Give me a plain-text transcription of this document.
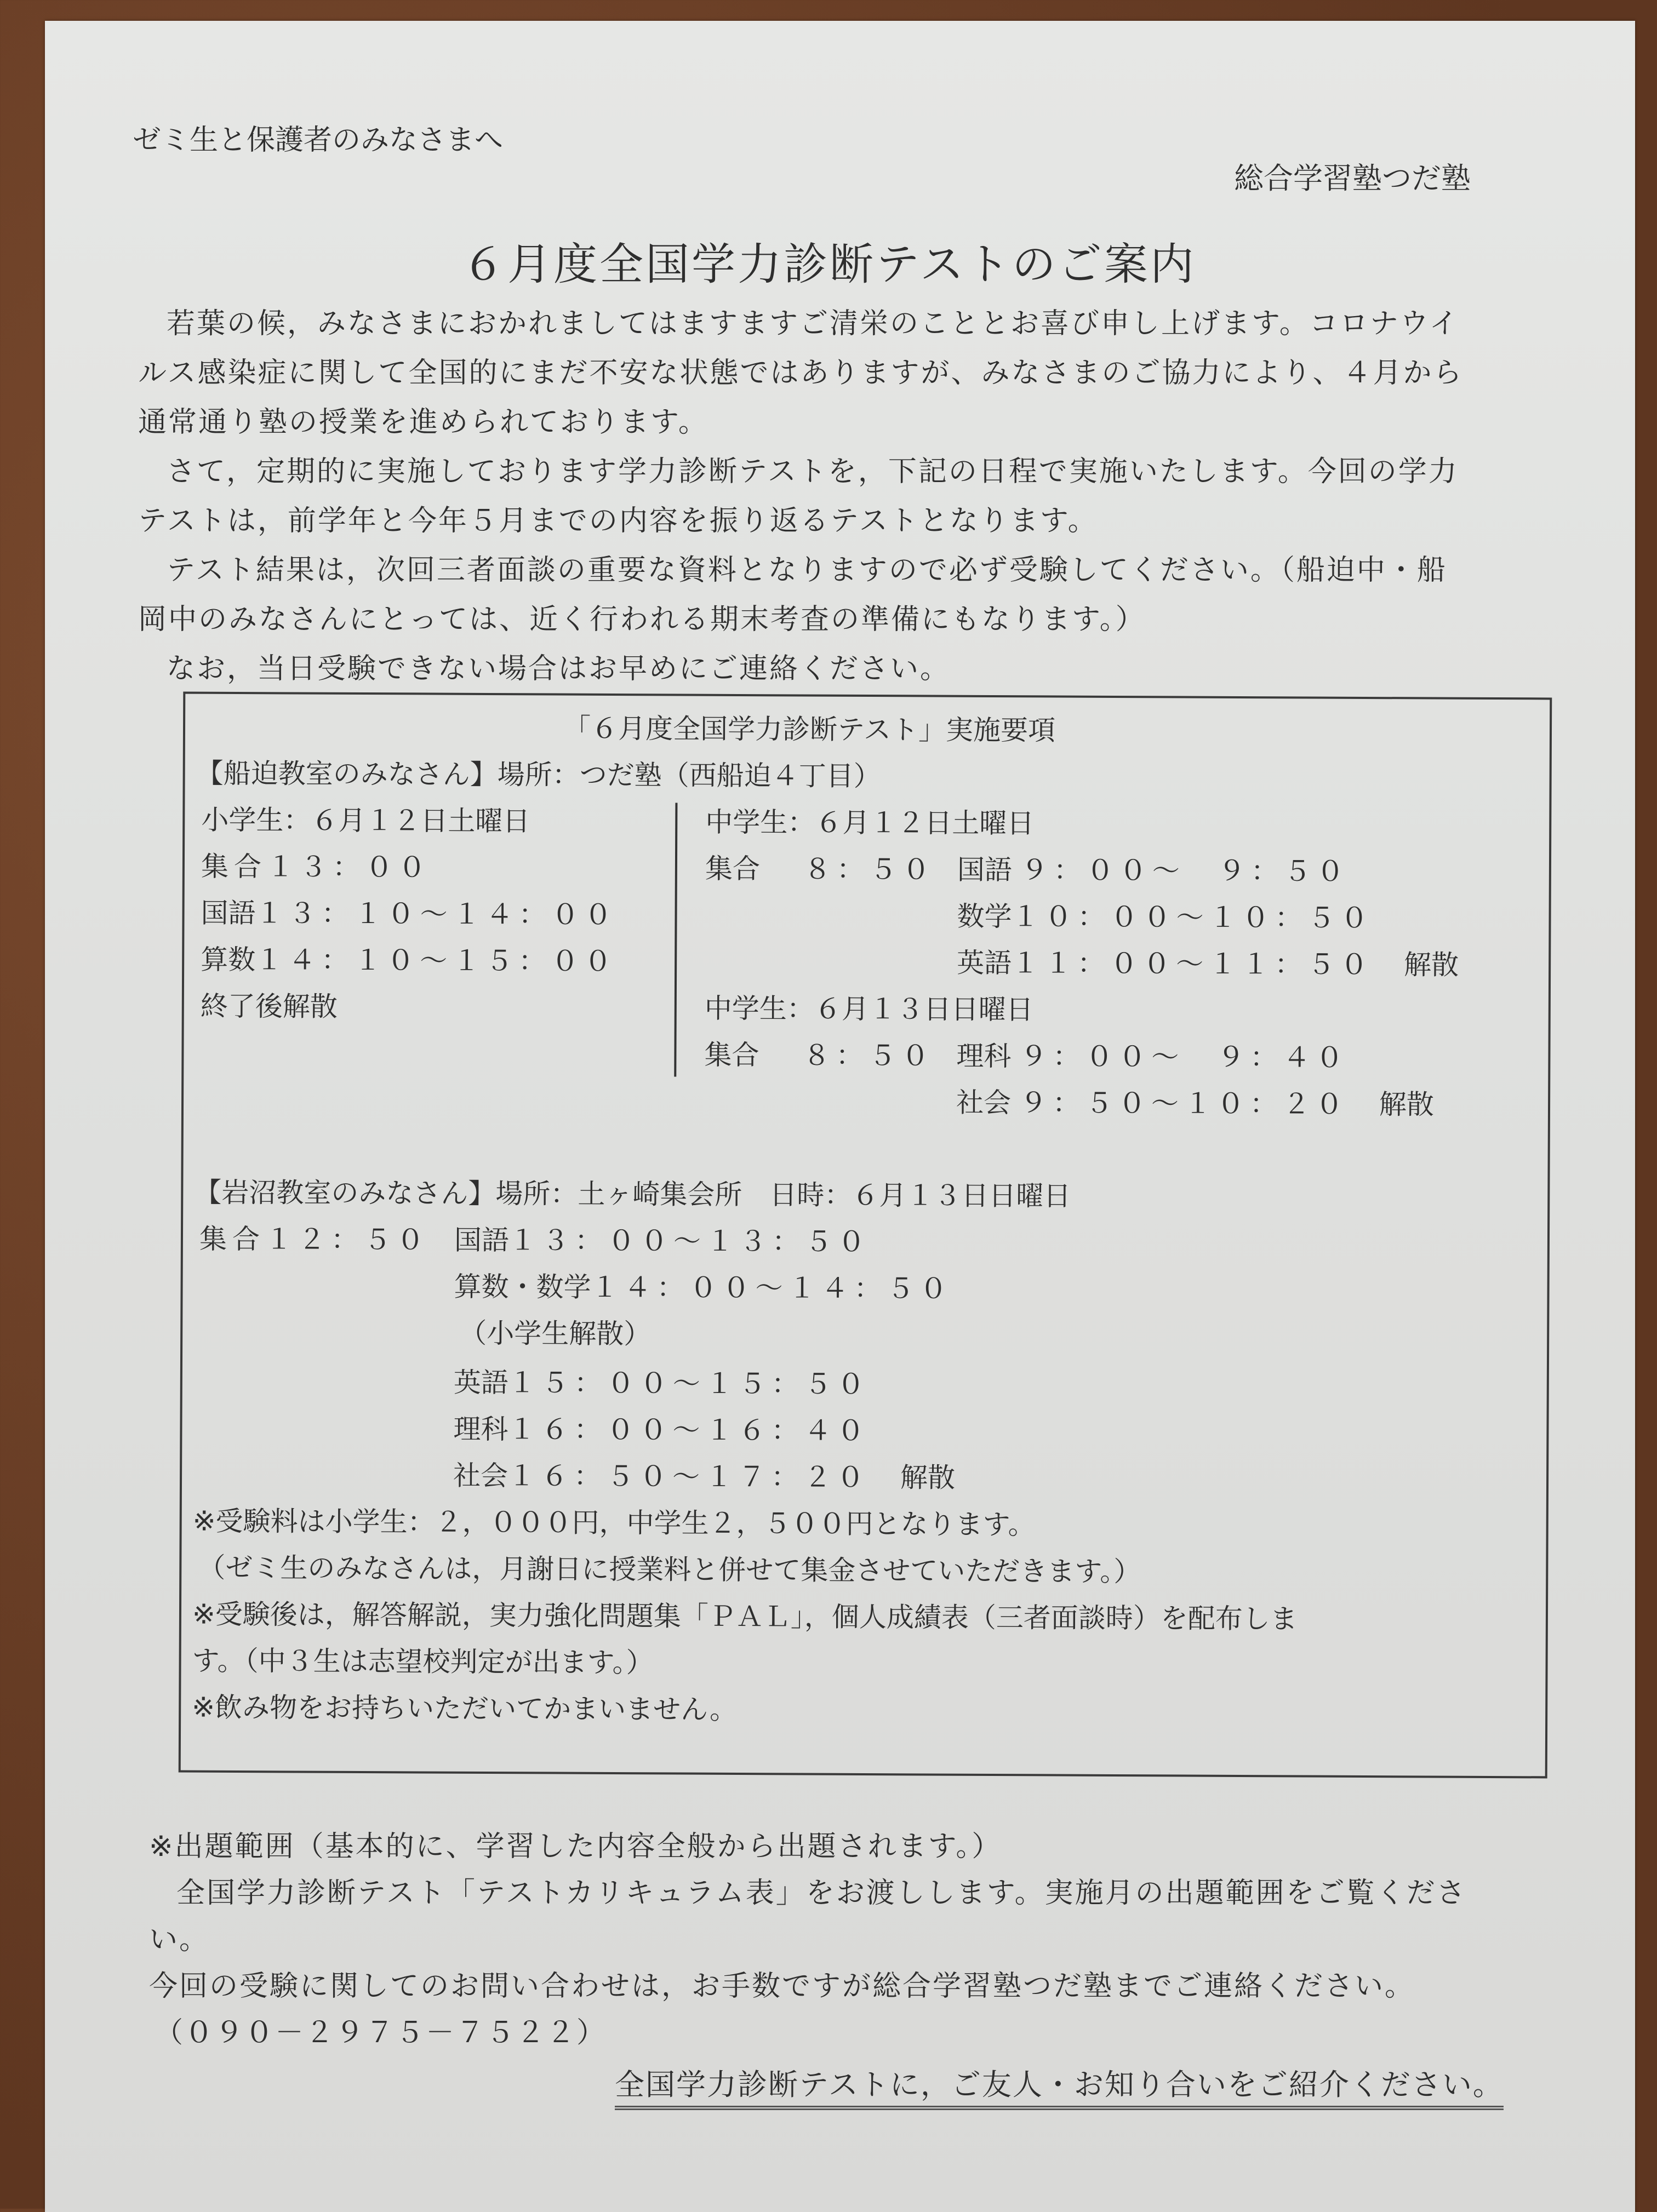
ゼミ生と保護者のみなさまへ
総合学習塾つだ塾
６月度全国学力診断テストのご案内
若葉の候，みなさまにおかれましてはますますご清栄のこととお喜び申し上げます。コロナウイ
ルス感染症に関して全国的にまだ不安な状態ではありますが、みなさまのご協力により、４月から
通常通り塾の授業を進められております。
さて，定期的に実施しております学力診断テストを，下記の日程で実施いたします。今回の学力
テストは，前学年と今年５月までの内容を振り返るテストとなります。
テスト結果は，次回三者面談の重要な資料となりますので必ず受験してください。（船迫中・船
岡中のみなさんにとっては、近く行われる期末考査の準備にもなります。）
なお，当日受験できない場合はお早めにご連絡ください。
「６月度全国学力診断テスト」実施要項
【船迫教室のみなさん】場所：つだ塾（西船迫４丁目）
小学生：６月１２日土曜日
集合１３：００
国語１３：１０～１４：００
算数１４：１０～１５：００
終了後解散
中学生：６月１２日土曜日
集合 ８：５０ 国語 ９：００～　９：５０
数学１０：００～１０：５０
英語１１：００～１１：５０ 解散
中学生：６月１３日日曜日
集合 ８：５０ 理科 ９：００～　９：４０
社会 ９：５０～１０：２０ 解散
【岩沼教室のみなさん】場所：土ヶ崎集会所　日時：６月１３日日曜日
集合１２：５０ 国語１３：００～１３：５０
算数・数学１４：００～１４：５０
（小学生解散）
英語１５：００～１５：５０
理科１６：００～１６：４０
社会１６：５０～１７：２０ 解散
※受験料は小学生：２，０００円，中学生２，５００円となります。
（ゼミ生のみなさんは，月謝日に授業料と併せて集金させていただきます。）
※受験後は，解答解説，実力強化問題集「ＰＡＬ」，個人成績表（三者面談時）を配布しま
す。（中３生は志望校判定が出ます。）
※飲み物をお持ちいただいてかまいません。
※出題範囲（基本的に、学習した内容全般から出題されます。）
全国学力診断テスト「テストカリキュラム表」をお渡しします。実施月の出題範囲をご覧くださ
い。
今回の受験に関してのお問い合わせは，お手数ですが総合学習塾つだ塾までご連絡ください。
（０９０－２９７５－７５２２）
全国学力診断テストに，ご友人・お知り合いをご紹介ください。
